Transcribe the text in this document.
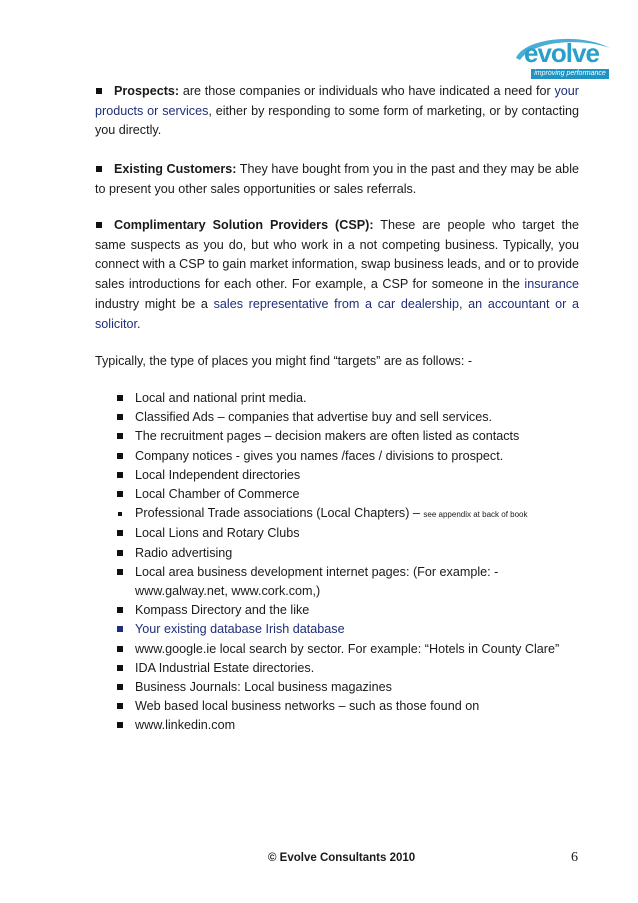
evolve
improving performance

Prospects: are those companies or individuals who have indicated a need for your products or services, either by responding to some form of marketing, or by contacting you directly.

Existing Customers: They have bought from you in the past and they may be able to present you other sales opportunities or sales referrals.

Complimentary Solution Providers (CSP): These are people who target the same suspects as you do, but who work in a not competing business. Typically, you connect with a CSP to gain market information, swap business leads, and or to provide sales introductions for each other. For example, a CSP for someone in the insurance industry might be a sales representative from a car dealership, an accountant or a solicitor.

Typically, the type of places you might find “targets” are as follows: -

Local and national print media.
Classified Ads – companies that advertise buy and sell services.
The recruitment pages – decision makers are often listed as contacts
Company notices - gives you names /faces / divisions to prospect.
Local Independent directories
Local Chamber of Commerce
Professional Trade associations (Local Chapters) – see appendix at back of book
Local Lions and Rotary Clubs
Radio advertising
Local area business development internet pages: (For example: - www.galway.net, www.cork.com,)
Kompass Directory and the like
Your existing database Irish database
www.google.ie local search by sector. For example: “Hotels in County Clare”
IDA Industrial Estate directories.
Business Journals: Local business magazines
Web based local business networks – such as those found on
www.linkedin.com
© Evolve Consultants 2010	6
